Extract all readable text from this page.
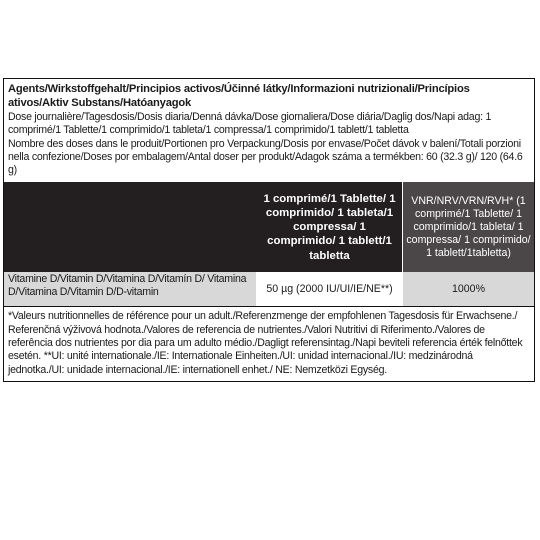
Agents/Wirkstoffgehalt/Principios activos/Účinné látky/Informazioni nutrizionali/Princípios ativos/Aktiv Substans/Hatóanyagok
Dose journalière/Tagesdosis/Dosis diaria/Denná dávka/Dose giornaliera/Dose diária/Daglig dos/Napi adag: 1 comprimé/1 Tablette/1 comprimido/1 tableta/1 compressa/1 comprimido/1 tablett/1 tabletta
Nombre des doses dans le produit/Portionen pro Verpackung/Dosis por envase/Počet dávok v balení/Totali porzioni nella confezione/Doses por embalagem/Antal doser per produkt/Adagok száma a termékben: 60 (32.3 g)/ 120 (64.6 g)
1 comprimé/1 Tablette/ 1 comprimido/ 1 tableta/1 compressa/ 1 comprimido/ 1 tablett/1 tabletta
VNR/NRV/VRN/RVH* (1 comprimé/1 Tablette/ 1 comprimido/1 tableta/ 1 compressa/ 1 comprimido/ 1 tablett/1tabletta)
Vitamine D/Vitamin D/Vitamina D/Vitamín D/ Vitamina D/Vitamina D/Vitamin D/D-vitamin	50 µg (2000 IU/UI/IE/NE**)	1000%
*Valeurs nutritionnelles de référence pour un adult./Referenzmenge der empfohlenen Tagesdosis für Erwachsene./ Referenčná výživová hodnota./Valores de referencia de nutrientes./Valori Nutritivi di Riferimento./Valores de referência dos nutrientes por dia para um adulto médio./Dagligt referensintag./Napi beviteli referencia érték felnőttek esetén. **UI: unité internationale./IE: Internationale Einheiten./UI: unidad internacional./IU: medzinárodná jednotka./UI: unidade internacional./IE: internationell enhet./ NE: Nemzetközi Egység.
